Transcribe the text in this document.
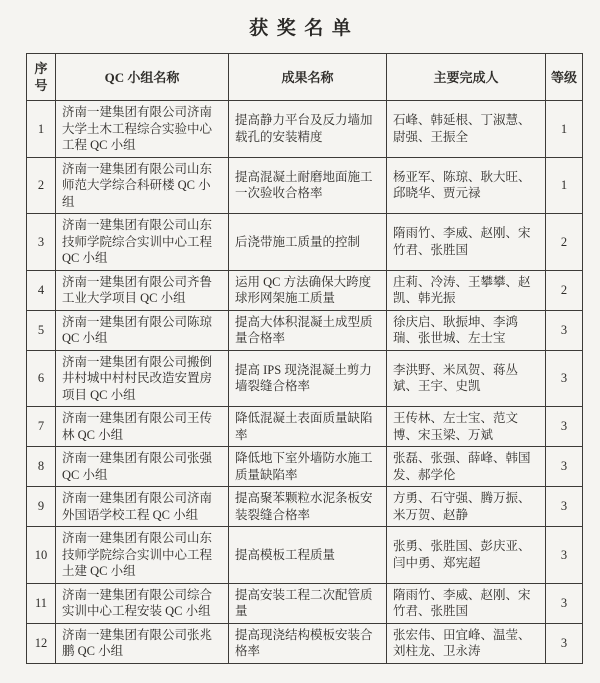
获奖名单
序号	QC 小组名称	成果名称	主要完成人	等级
1	济南一建集团有限公司济南大学土木工程综合实验中心工程 QC 小组	提高静力平台及反力墙加载孔的安装精度	石峰、韩延根、丁淑慧、尉强、王振全	1
2	济南一建集团有限公司山东师范大学综合科研楼 QC 小组	提高混凝土耐磨地面施工一次验收合格率	杨亚军、陈琼、耿大旺、邱晓华、贾元禄	1
3	济南一建集团有限公司山东技师学院综合实训中心工程 QC 小组	后浇带施工质量的控制	隋雨竹、李威、赵刚、宋竹君、张胜国	2
4	济南一建集团有限公司齐鲁工业大学项目 QC 小组	运用 QC 方法确保大跨度球形网架施工质量	庄莉、冷涛、王攀攀、赵凯、韩光振	2
5	济南一建集团有限公司陈琼 QC 小组	提高大体积混凝土成型质量合格率	徐庆启、耿振坤、李鸿瑞、张世城、左士宝	3
6	济南一建集团有限公司搬倒井村城中村村民改造安置房项目 QC 小组	提高 IPS 现浇混凝土剪力墙裂缝合格率	李洪野、米凤贺、蒋丛斌、王宇、史凯	3
7	济南一建集团有限公司王传林 QC 小组	降低混凝土表面质量缺陷率	王传林、左士宝、范文博、宋玉梁、万斌	3
8	济南一建集团有限公司张强 QC 小组	降低地下室外墙防水施工质量缺陷率	张磊、张强、薛峰、韩国发、郝学伦	3
9	济南一建集团有限公司济南外国语学校工程 QC 小组	提高聚苯颗粒水泥条板安装裂缝合格率	方勇、石守强、腾万振、米万贺、赵静	3
10	济南一建集团有限公司山东技师学院综合实训中心工程土建 QC 小组	提高模板工程质量	张勇、张胜国、彭庆亚、闫中勇、郑宪超	3
11	济南一建集团有限公司综合实训中心工程安装 QC 小组	提高安装工程二次配管质量	隋雨竹、李威、赵刚、宋竹君、张胜国	3
12	济南一建集团有限公司张兆鹏 QC 小组	提高现浇结构模板安装合格率	张宏伟、田宜峰、温莹、刘柱龙、卫永涛	3
